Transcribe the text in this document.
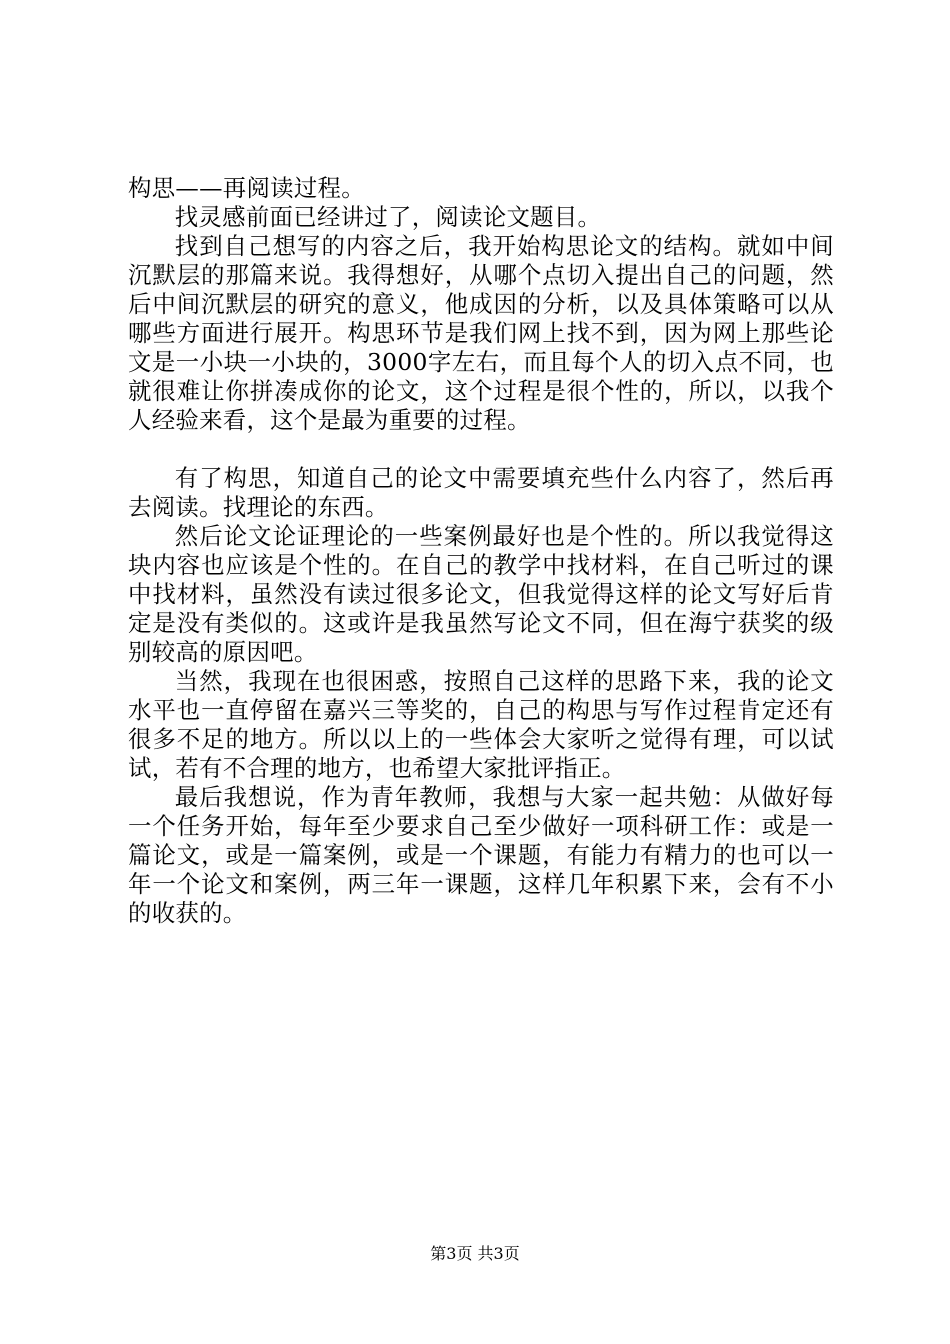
构思——再阅读过程。

找灵感前面已经讲过了，阅读论文题目。

找到自己想写的内容之后，我开始构思论文的结构。就如中间沉默层的那篇来说。我得想好，从哪个点切入提出自己的问题，然后中间沉默层的研究的意义，他成因的分析，以及具体策略可以从哪些方面进行展开。构思环节是我们网上找不到，因为网上那些论文是一小块一小块的，3000字左右，而且每个人的切入点不同，也就很难让你拼凑成你的论文，这个过程是很个性的，所以，以我个人经验来看，这个是最为重要的过程。

有了构思，知道自己的论文中需要填充些什么内容了，然后再去阅读。找理论的东西。

然后论文论证理论的一些案例最好也是个性的。所以我觉得这块内容也应该是个性的。在自己的教学中找材料，在自己听过的课中找材料，虽然没有读过很多论文，但我觉得这样的论文写好后肯定是没有类似的。这或许是我虽然写论文不同，但在海宁获奖的级别较高的原因吧。

当然，我现在也很困惑，按照自己这样的思路下来，我的论文水平也一直停留在嘉兴三等奖的，自己的构思与写作过程肯定还有很多不足的地方。所以以上的一些体会大家听之觉得有理，可以试试，若有不合理的地方，也希望大家批评指正。

最后我想说，作为青年教师，我想与大家一起共勉：从做好每一个任务开始，每年至少要求自己至少做好一项科研工作：或是一篇论文，或是一篇案例，或是一个课题，有能力有精力的也可以一年一个论文和案例，两三年一课题，这样几年积累下来，会有不小的收获的。

第3页 共3页
